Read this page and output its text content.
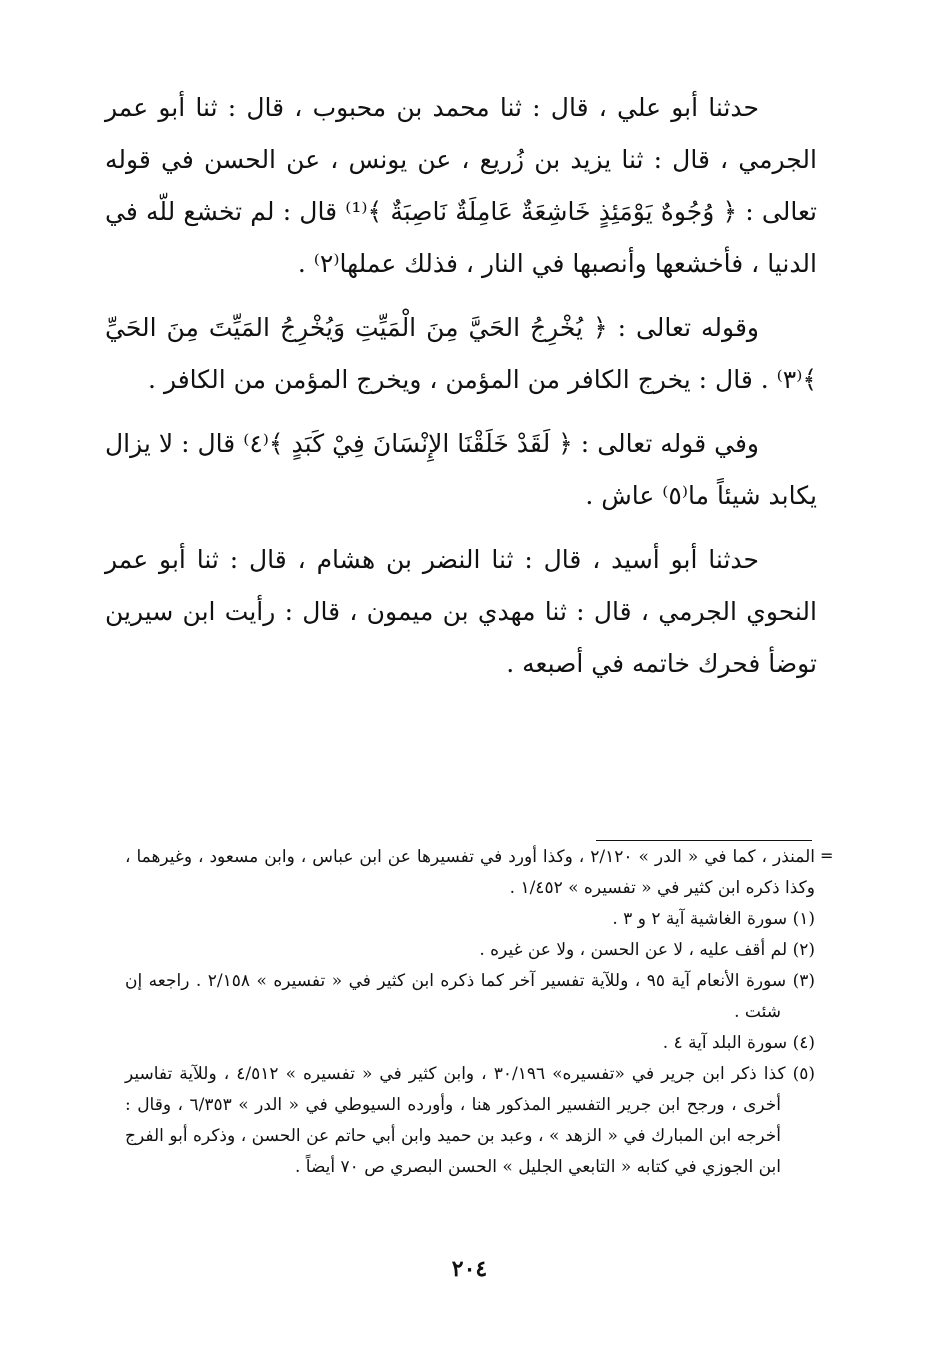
حدثنا أبو علي ، قال : ثنا محمد بن محبوب ، قال : ثنا أبو عمر الجرمي ، قال : ثنا يزيد بن زُريع ، عن يونس ، عن الحسن في قوله تعالى : ﴿ وُجُوهٌ يَوْمَئِذٍ خَاشِعَةٌ عَامِلَةٌ نَاصِبَةٌ ﴾⁽¹⁾ قال : لم تخشع للّه في الدنيا ، فأخشعها وأنصبها في النار ، فذلك عملها⁽٢⁾ .

وقوله تعالى : ﴿ يُخْرِجُ الحَيَّ مِنَ الْمَيِّتِ وَيُخْرِجُ المَيِّتَ مِنَ الحَيِّ ﴾⁽٣⁾ . قال : يخرج الكافر من المؤمن ، ويخرج المؤمن من الكافر .

وفي قوله تعالى : ﴿ لَقَدْ خَلَقْنَا الإِنْسَانَ فِيْ كَبَدٍ ﴾⁽٤⁾ قال : لا يزال يكابد شيئاً ما⁽٥⁾ عاش .

حدثنا أبو أسيد ، قال : ثنا النضر بن هشام ، قال : ثنا أبو عمر النحوي الجرمي ، قال : ثنا مهدي بن ميمون ، قال : رأيت ابن سيرين توضأ فحرك خاتمه في أصبعه .

=

المنذر ، كما في « الدر » ٢/١٢٠ ، وكذا أورد في تفسيرها عن ابن عباس ، وابن مسعود ، وغيرهما ، وكذا ذكره ابن كثير في « تفسيره » ١/٤٥٢ .

(١) سورة الغاشية آية ٢ و ٣ .

(٢) لم أقف عليه ، لا عن الحسن ، ولا عن غيره .

(٣) سورة الأنعام آية ٩٥ ، وللآية تفسير آخر كما ذكره ابن كثير في « تفسيره » ٢/١٥٨ . راجعه إن شئت .

(٤) سورة البلد آية ٤ .

(٥) كذا ذكر ابن جرير في «تفسيره» ٣٠/١٩٦ ، وابن كثير في « تفسيره » ٤/٥١٢ ، وللآية تفاسير أخرى ، ورجح ابن جرير التفسير المذكور هنا ، وأورده السيوطي في « الدر » ٦/٣٥٣ ، وقال : أخرجه ابن المبارك في « الزهد » ، وعبد بن حميد وابن أبي حاتم عن الحسن ، وذكره أبو الفرج ابن الجوزي في كتابه « التابعي الجليل » الحسن البصري ص ٧٠ أيضاً .

٢٠٤
